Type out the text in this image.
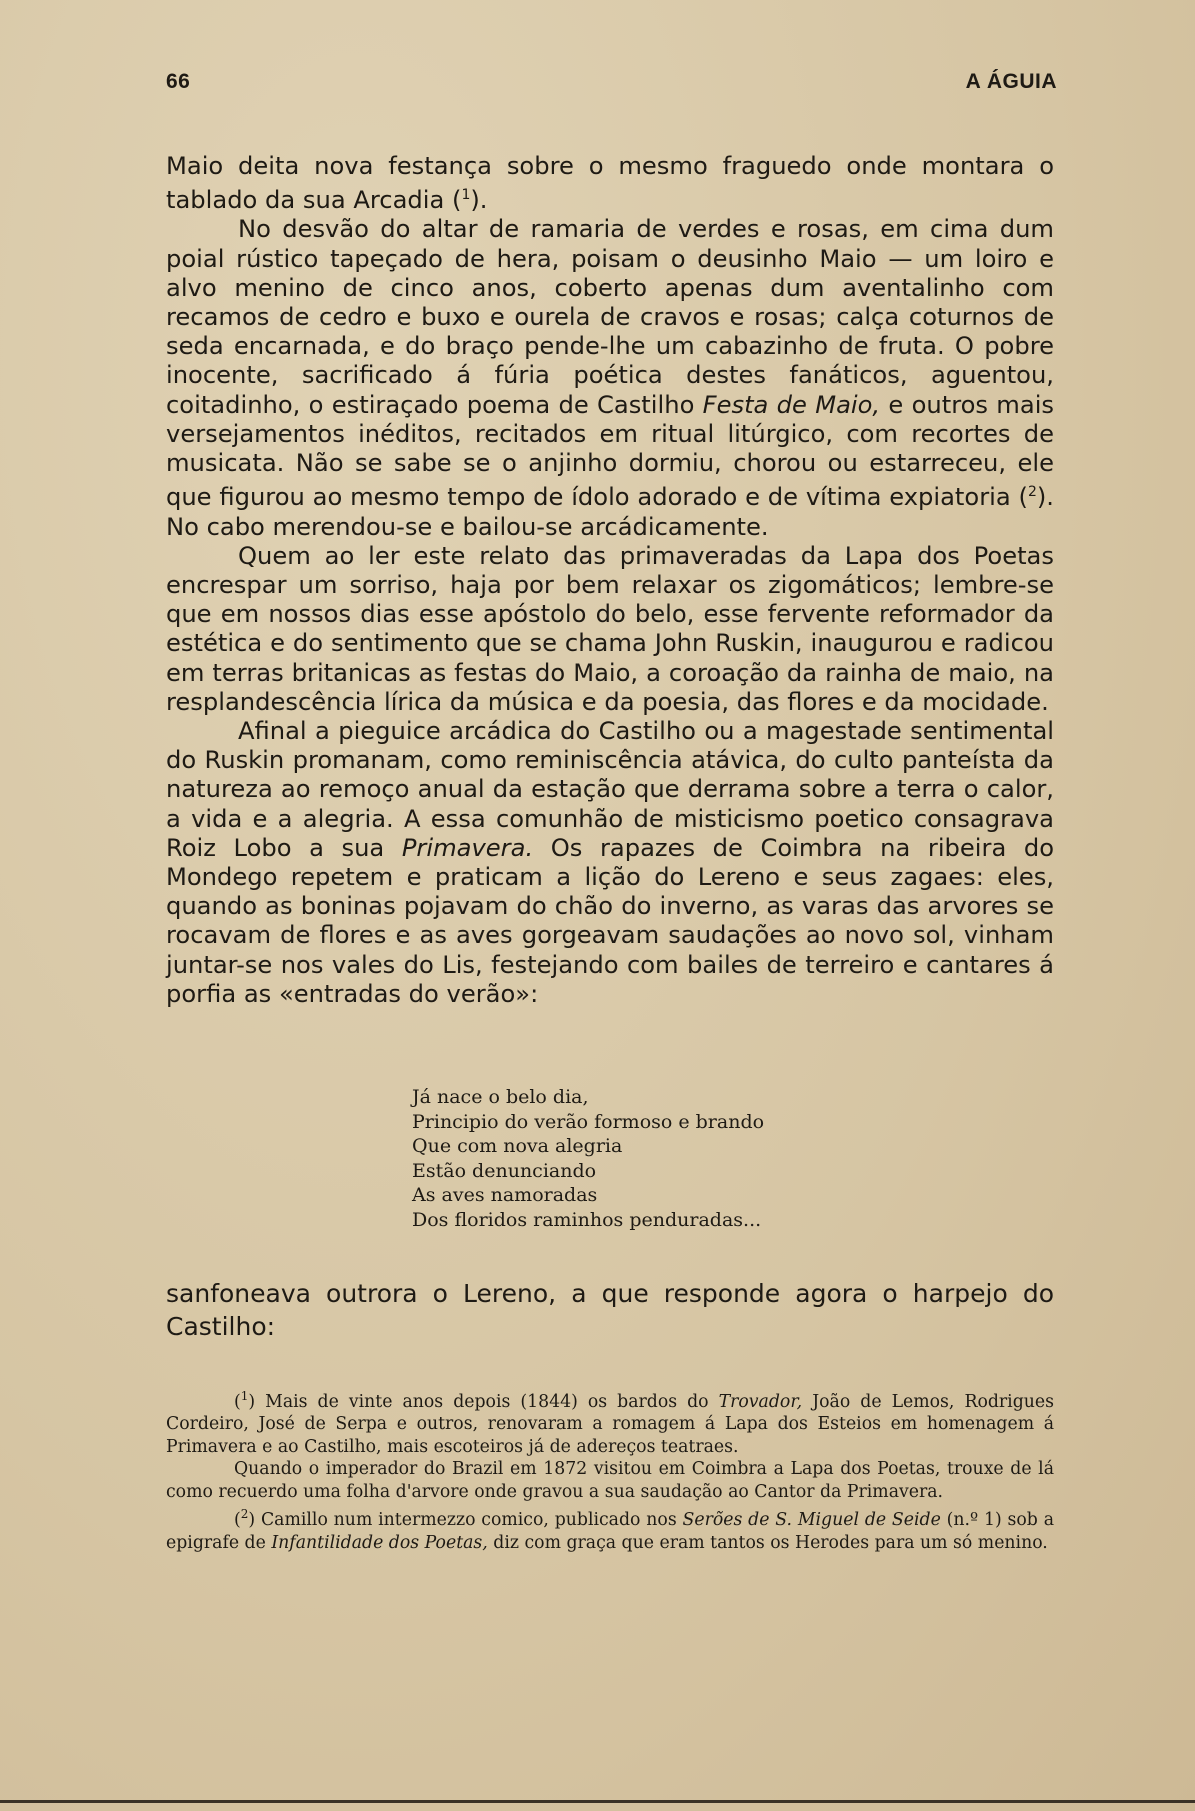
66	A ÁGUIA

Maio deita nova festança sobre o mesmo fraguedo onde montara o tablado da sua Arcadia ($^1$).

No desvão do altar de ramaria de verdes e rosas, em cima dum poial rústico tapeçado de hera, poisam o deusinho Maio — um loiro e alvo menino de cinco anos, coberto apenas dum aventalinho com recamos de cedro e buxo e ourela de cravos e rosas; calça coturnos de seda encarnada, e do braço pende-lhe um cabazinho de fruta. O pobre inocente, sacrificado á fúria poética destes fanáticos, aguentou, coitadinho, o estiraçado poema de Castilho Festa de Maio, e outros mais versejamentos inéditos, recitados em ritual litúrgico, com recortes de musicata. Não se sabe se o anjinho dormiu, chorou ou estarreceu, ele que figurou ao mesmo tempo de ídolo adorado e de vítima expiatoria ($^2$). No cabo merendou-se e bailou-se arcádicamente.

Quem ao ler este relato das primaveradas da Lapa dos Poetas encrespar um sorriso, haja por bem relaxar os zigomáticos; lembre-se que em nossos dias esse apóstolo do belo, esse fervente reformador da estética e do sentimento que se chama John Ruskin, inaugurou e radicou em terras britanicas as festas do Maio, a coroação da rainha de maio, na resplandescência lírica da música e da poesia, das flores e da mocidade.

Afinal a pieguice arcádica do Castilho ou a magestade sentimental do Ruskin promanam, como reminiscência atávica, do culto panteísta da natureza ao remoço anual da estação que derrama sobre a terra o calor, a vida e a alegria. A essa comunhão de misticismo poetico consagrava Roiz Lobo a sua Primavera. Os rapazes de Coimbra na ribeira do Mondego repetem e praticam a lição do Lereno e seus zagaes: eles, quando as boninas pojavam do chão do inverno, as varas das arvores se rocavam de flores e as aves gorgeavam saudações ao novo sol, vinham juntar-se nos vales do Lis, festejando com bailes de terreiro e cantares á porfia as «entradas do verão»:

Já nace o belo dia,
Principio do verão formoso e brando
Que com nova alegria
Estão denunciando
As aves namoradas
Dos floridos raminhos penduradas...
sanfoneava outrora o Lereno, a que responde agora o harpejo do Castilho:

($^1$) Mais de vinte anos depois (1844) os bardos do Trovador, João de Lemos, Rodrigues Cordeiro, José de Serpa e outros, renovaram a romagem á Lapa dos Esteios em homenagem á Primavera e ao Castilho, mais escoteiros já de adereços teatraes.

Quando o imperador do Brazil em 1872 visitou em Coimbra a Lapa dos Poetas, trouxe de lá como recuerdo uma folha d'arvore onde gravou a sua saudação ao Cantor da Primavera.

($^2$) Camillo num intermezzo comico, publicado nos Serões de S. Miguel de Seide (n.º 1) sob a epigrafe de Infantilidade dos Poetas, diz com graça que eram tantos os Herodes para um só menino.
